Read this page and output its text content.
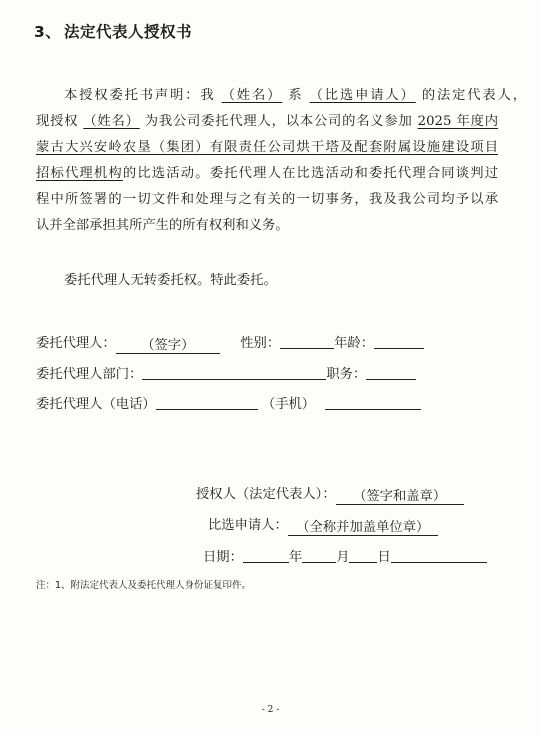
3、 法定代表人授权书
本授权委托书声明：我 （姓名） 系 （比选申请人） 的法定代表人，
现授权 （姓名） 为我公司委托代理人，以本公司的名义参加 2025 年度内
蒙古大兴安岭农垦（集团）有限责任公司烘干塔及配套附属设施建设项目
招标代理机构的比选活动。委托代理人在比选活动和委托代理合同谈判过
程中所签署的一切文件和处理与之有关的一切事务，我及我公司均予以承
认并全部承担其所产生的所有权利和义务。
委托代理人无转委托权。特此委托。
委托代理人： （签字）	性别：	年龄：
委托代理人部门：	职务：
委托代理人（电话）	（手机）
授权人（法定代表人）： （签字和盖章）
比选申请人： （全称并加盖单位章）
日期：	年	月 日
注：1、附法定代表人及委托代理人身份证复印件。
- 2 -
